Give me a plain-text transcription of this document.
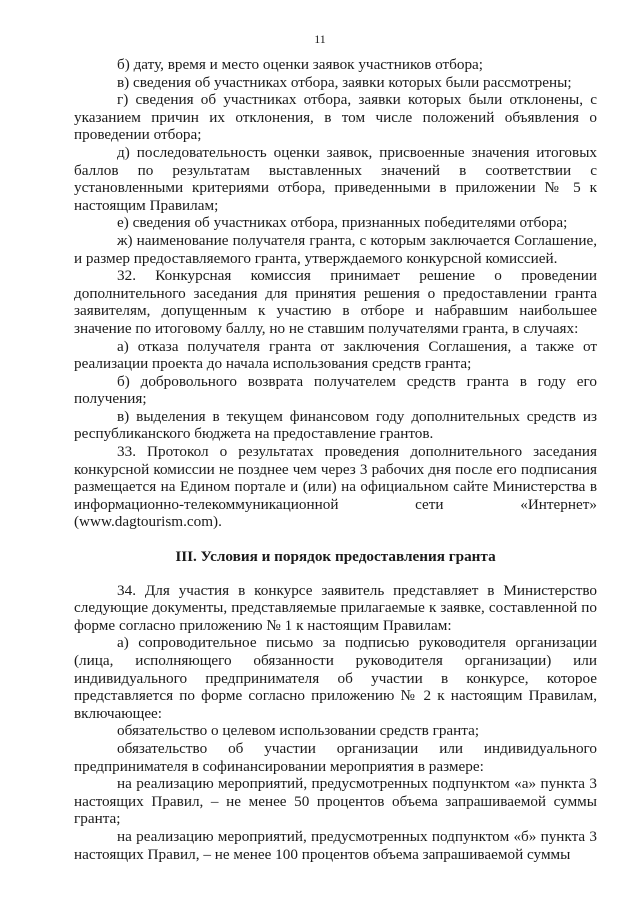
11

б) дату, время и место оценки заявок участников отбора;

в) сведения об участниках отбора, заявки которых были рассмотрены;

г) сведения об участниках отбора, заявки которых были отклонены, с указанием причин их отклонения, в том числе положений объявления о проведении отбора;

д) последовательность оценки заявок, присвоенные значения итоговых баллов по результатам выставленных значений в соответствии с установленными критериями отбора, приведенными в приложении № 5 к настоящим Правилам;

е) сведения об участниках отбора, признанных победителями отбора;

ж) наименование получателя гранта, с которым заключается Соглашение, и размер предоставляемого гранта, утверждаемого конкурсной комиссией.

32. Конкурсная комиссия принимает решение о проведении дополнительного заседания для принятия решения о предоставлении гранта заявителям, допущенным к участию в отборе и набравшим наибольшее значение по итоговому баллу, но не ставшим получателями гранта, в случаях:

а) отказа получателя гранта от заключения Соглашения, а также от реализации проекта до начала использования средств гранта;

б) добровольного возврата получателем средств гранта в году его получения;

в) выделения в текущем финансовом году дополнительных средств из республиканского бюджета на предоставление грантов.

33. Протокол о результатах проведения дополнительного заседания конкурсной комиссии не позднее чем через 3 рабочих дня после его подписания размещается на Едином портале и (или) на официальном сайте Министерства в информационно-телекоммуникационной сети «Интернет» (www.dagtourism.com).

III. Условия и порядок предоставления гранта

34. Для участия в конкурсе заявитель представляет в Министерство следующие документы, представляемые прилагаемые к заявке, составленной по форме согласно приложению № 1 к настоящим Правилам:

а) сопроводительное письмо за подписью руководителя организации (лица, исполняющего обязанности руководителя организации) или индивидуального предпринимателя об участии в конкурсе, которое представляется по форме согласно приложению № 2 к настоящим Правилам, включающее:

обязательство о целевом использовании средств гранта;

обязательство об участии организации или индивидуального предпринимателя в софинансировании мероприятия в размере:

на реализацию мероприятий, предусмотренных подпунктом «а» пункта 3 настоящих Правил, – не менее 50 процентов объема запрашиваемой суммы гранта;

на реализацию мероприятий, предусмотренных подпунктом «б» пункта 3 настоящих Правил, – не менее 100 процентов объема запрашиваемой суммы
